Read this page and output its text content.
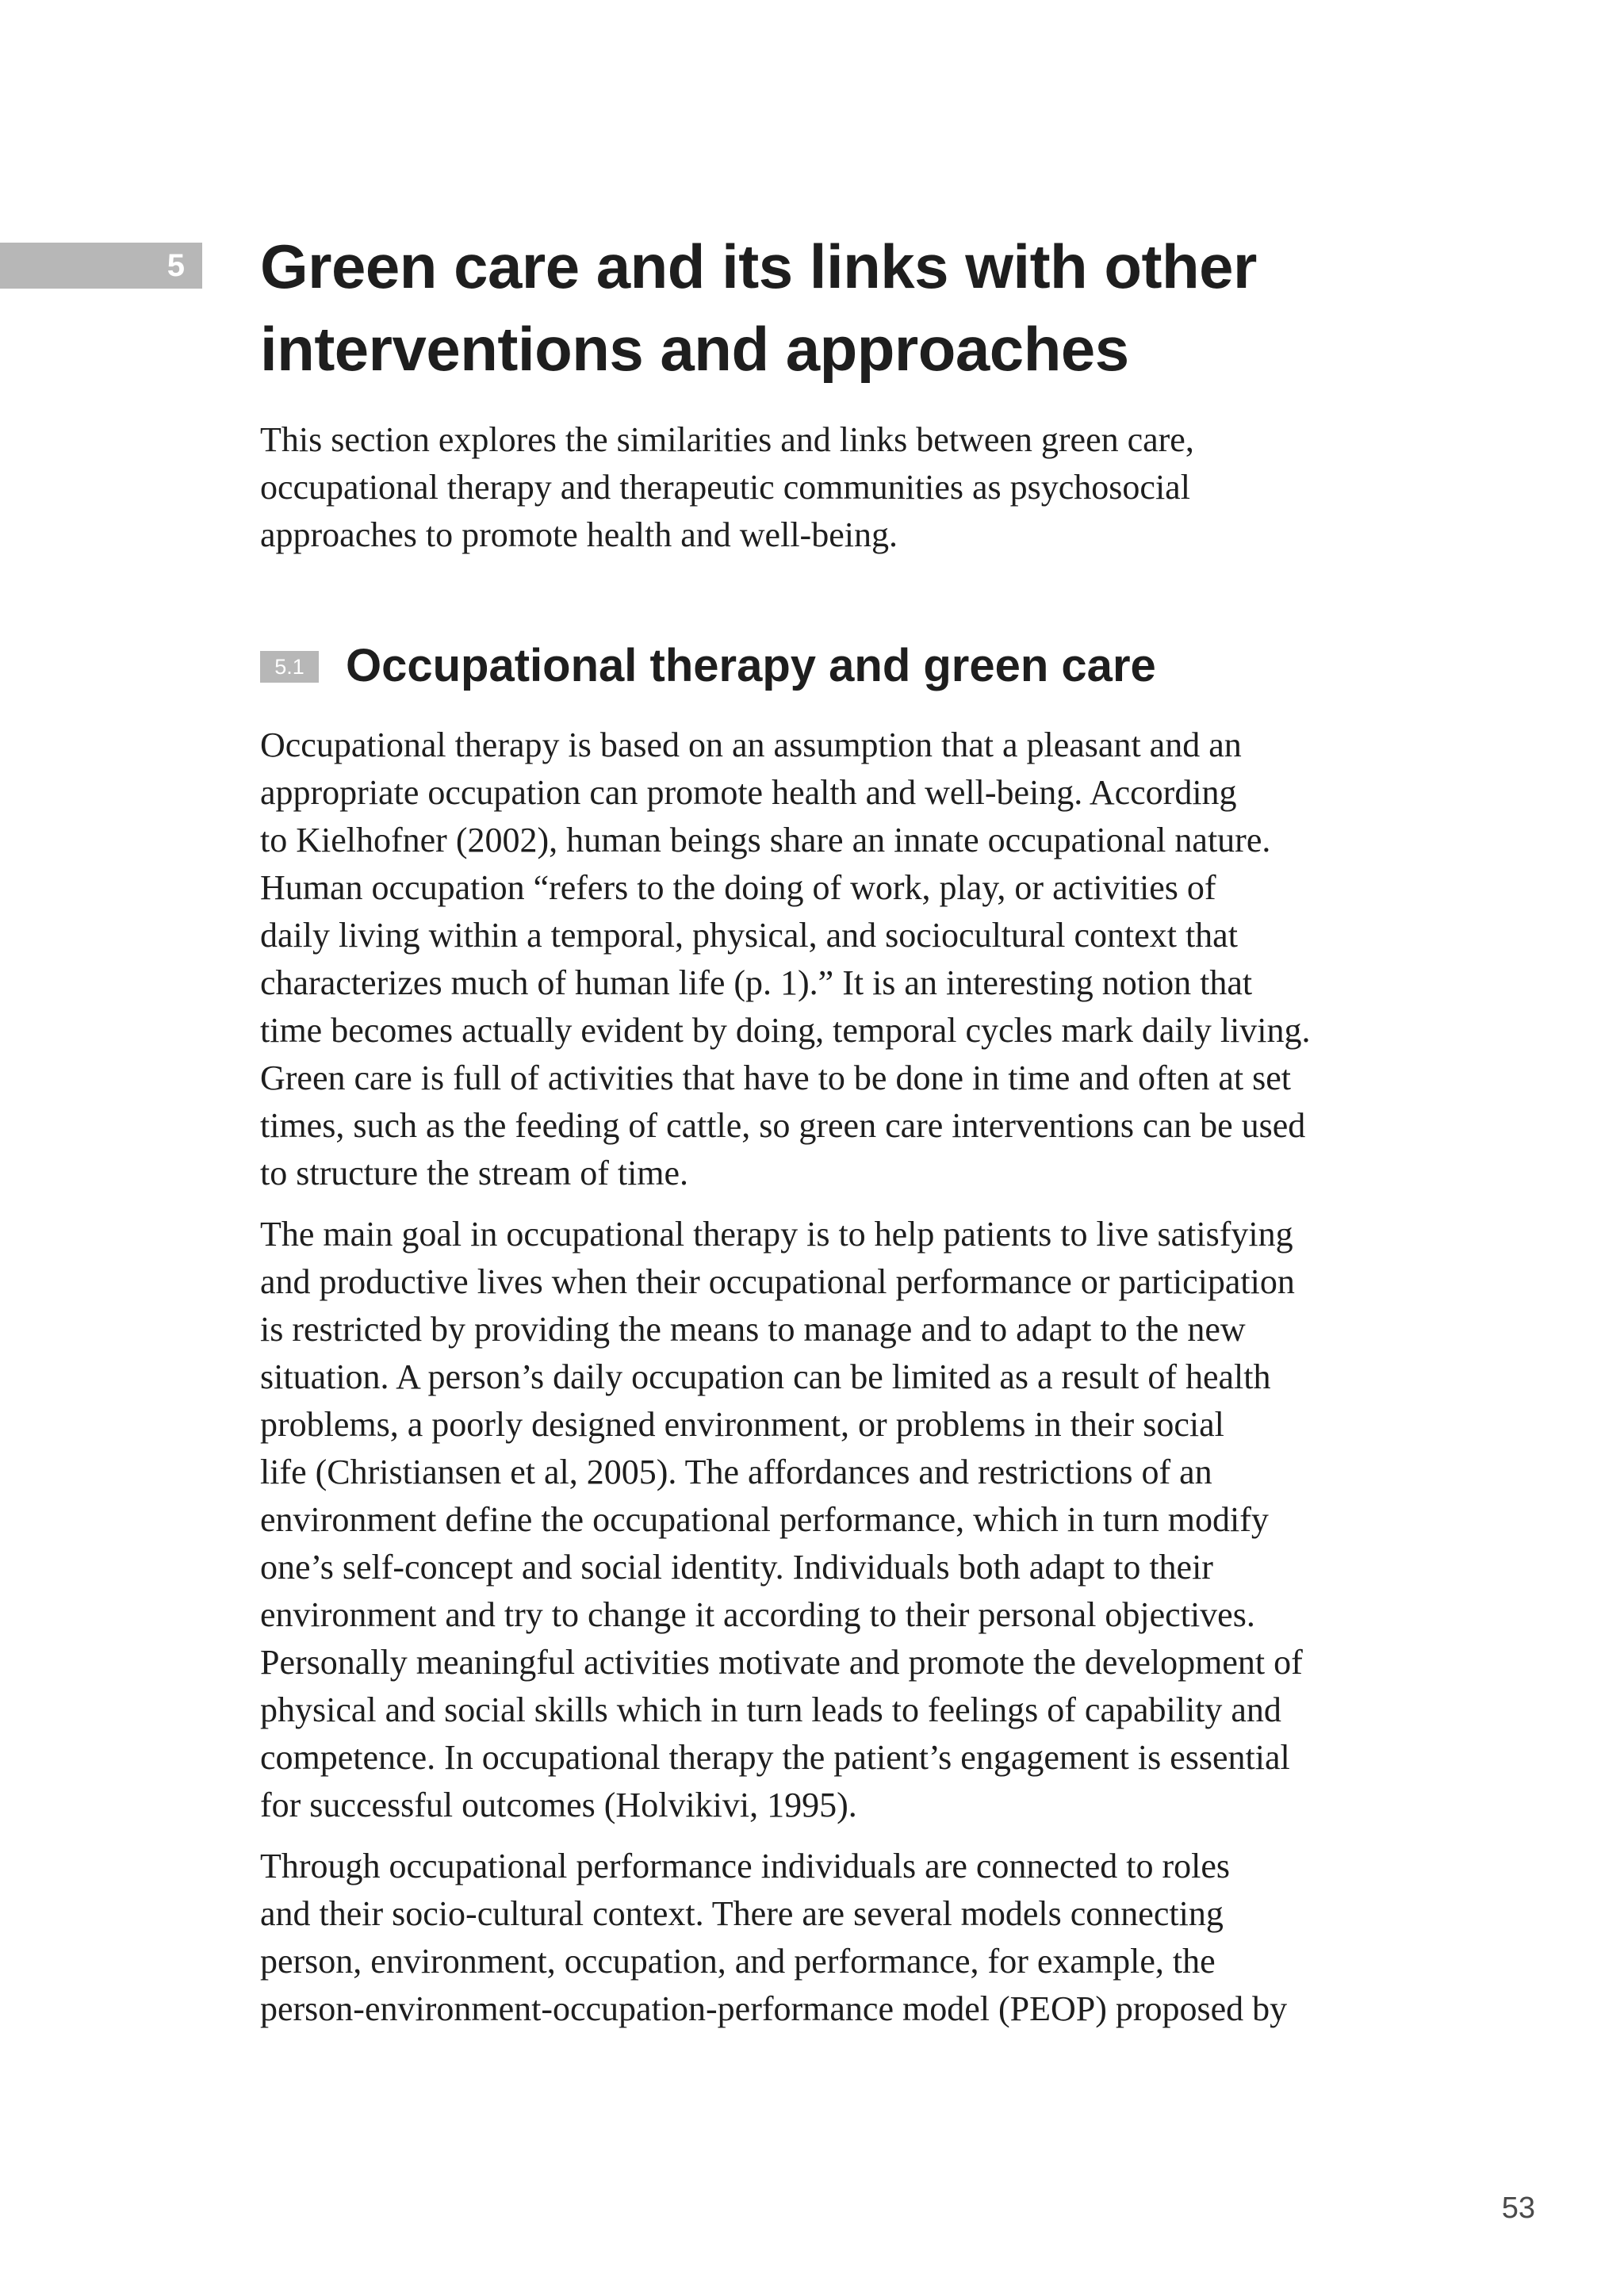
5 Green care and its links with other
interventions and approaches

This section explores the similarities and links between green care,
occupational therapy and therapeutic communities as psychosocial
approaches to promote health and well-being.

5.1 Occupational therapy and green care

Occupational therapy is based on an assumption that a pleasant and an
appropriate occupation can promote health and well-being. According
to Kielhofner (2002), human beings share an innate occupational nature.
Human occupation “refers to the doing of work, play, or activities of
daily living within a temporal, physical, and sociocultural context that
characterizes much of human life (p. 1).” It is an interesting notion that
time becomes actually evident by doing, temporal cycles mark daily living.
Green care is full of activities that have to be done in time and often at set
times, such as the feeding of cattle, so green care interventions can be used
to structure the stream of time.

The main goal in occupational therapy is to help patients to live satisfying
and productive lives when their occupational performance or participation
is restricted by providing the means to manage and to adapt to the new
situation. A person’s daily occupation can be limited as a result of health
problems, a poorly designed environment, or problems in their social
life (Christiansen et al, 2005). The affordances and restrictions of an
environment define the occupational performance, which in turn modify
one’s self-concept and social identity. Individuals both adapt to their
environment and try to change it according to their personal objectives.
Personally meaningful activities motivate and promote the development of
physical and social skills which in turn leads to feelings of capability and
competence. In occupational therapy the patient’s engagement is essential
for successful outcomes (Holvikivi, 1995).

Through occupational performance individuals are connected to roles
and their socio-cultural context. There are several models connecting
person, environment, occupation, and performance, for example, the
person-environment-occupation-performance model (PEOP) proposed by

53
